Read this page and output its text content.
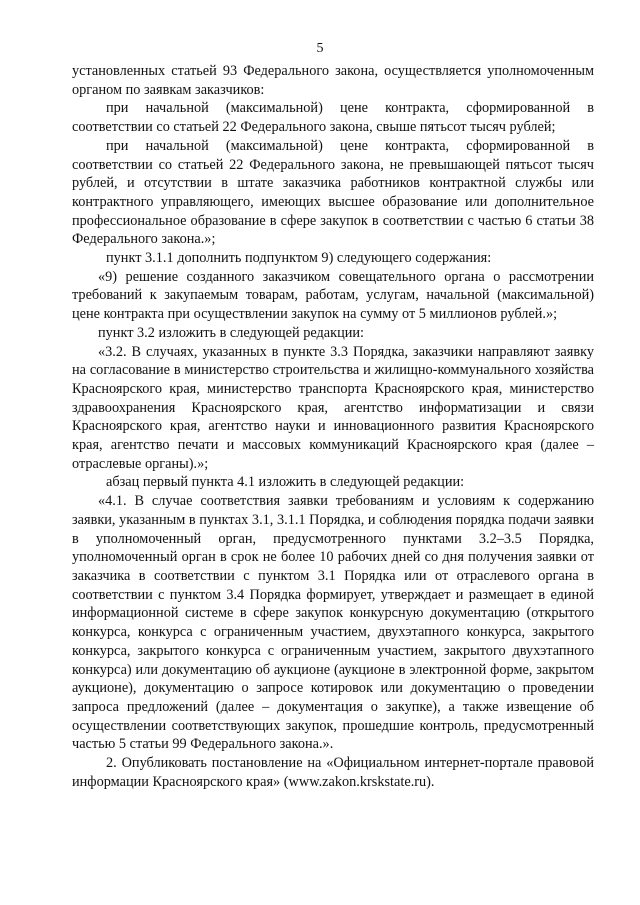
5

установленных статьей 93 Федерального закона, осуществляется уполномоченным органом по заявкам заказчиков:

при начальной (максимальной) цене контракта, сформированной в соответствии со статьей 22 Федерального закона, свыше пятьсот тысяч рублей;

при начальной (максимальной) цене контракта, сформированной в соответствии со статьей 22 Федерального закона, не превышающей пятьсот тысяч рублей, и отсутствии в штате заказчика работников контрактной службы или контрактного управляющего, имеющих высшее образование или дополнительное профессиональное образование в сфере закупок в соответствии с частью 6 статьи 38 Федерального закона.»;

пункт 3.1.1 дополнить подпунктом 9) следующего содержания:

«9) решение созданного заказчиком совещательного органа о рассмотрении требований к закупаемым товарам, работам, услугам, начальной (максимальной) цене контракта при осуществлении закупок на сумму от 5 миллионов рублей.»;

пункт 3.2 изложить в следующей редакции:

«3.2. В случаях, указанных в пункте 3.3 Порядка, заказчики направляют заявку на согласование в министерство строительства и жилищно-коммунального хозяйства Красноярского края, министерство транспорта Красноярского края, министерство здравоохранения Красноярского края, агентство информатизации и связи Красноярского края, агентство науки и инновационного развития Красноярского края, агентство печати и массовых коммуникаций Красноярского края (далее – отраслевые органы).»;

абзац первый пункта 4.1 изложить в следующей редакции:

«4.1. В случае соответствия заявки требованиям и условиям к содержанию заявки, указанным в пунктах 3.1, 3.1.1 Порядка, и соблюдения порядка подачи заявки в уполномоченный орган, предусмотренного пунктами 3.2–3.5 Порядка, уполномоченный орган в срок не более 10 рабочих дней со дня получения заявки от заказчика в соответствии с пунктом 3.1 Порядка или от отраслевого органа в соответствии с пунктом 3.4 Порядка формирует, утверждает и размещает в единой информационной системе в сфере закупок конкурсную документацию (открытого конкурса, конкурса с ограниченным участием, двухэтапного конкурса, закрытого конкурса, закрытого конкурса с ограниченным участием, закрытого двухэтапного конкурса) или документацию об аукционе (аукционе в электронной форме, закрытом аукционе), документацию о запросе котировок или документацию о проведении запроса предложений (далее – документация о закупке), а также извещение об осуществлении соответствующих закупок, прошедшие контроль, предусмотренный частью 5 статьи 99 Федерального закона.».

2. Опубликовать постановление на «Официальном интернет-портале правовой информации Красноярского края» (www.zakon.krskstate.ru).
